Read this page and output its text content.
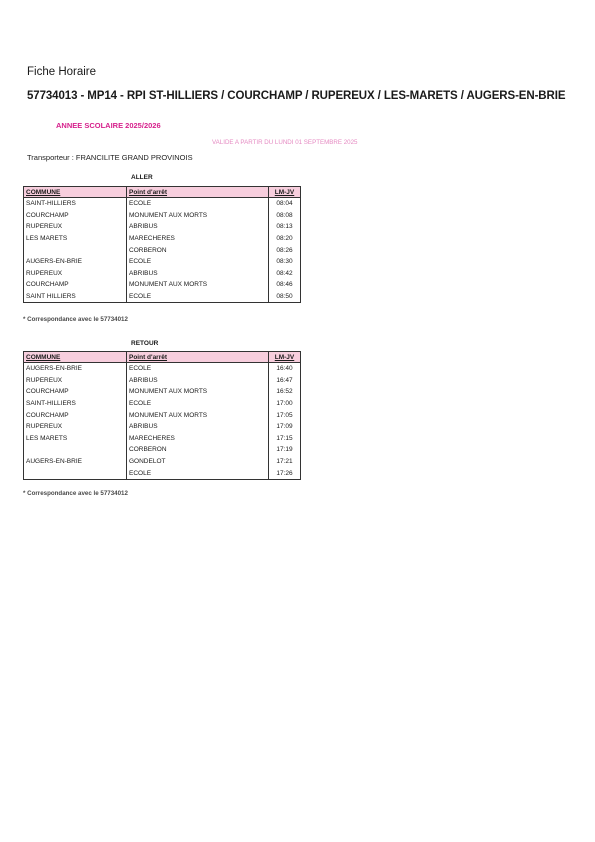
Fiche Horaire
57734013 - MP14 - RPI ST-HILLIERS / COURCHAMP / RUPEREUX / LES-MARETS / AUGERS-EN-BRIE
ANNEE SCOLAIRE 2025/2026
VALIDE A PARTIR DU LUNDI 01 SEPTEMBRE 2025
Transporteur : FRANCILITE GRAND PROVINOIS
ALLER
COMMUNE	Point d'arrêt	LM-JV
SAINT-HILLIERS	ECOLE	08:04
COURCHAMP	MONUMENT AUX MORTS	08:08
RUPEREUX	ABRIBUS	08:13
LES MARETS	MARECHERES	08:20
	CORBERON	08:26
AUGERS-EN-BRIE	ECOLE	08:30
RUPEREUX	ABRIBUS	08:42
COURCHAMP	MONUMENT AUX MORTS	08:46
SAINT HILLIERS	ECOLE	08:50
* Correspondance avec le 57734012
RETOUR
COMMUNE	Point d'arrêt	LM-JV
AUGERS-EN-BRIE	ECOLE	16:40
RUPEREUX	ABRIBUS	16:47
COURCHAMP	MONUMENT AUX MORTS	16:52
SAINT-HILLIERS	ECOLE	17:00
COURCHAMP	MONUMENT AUX MORTS	17:05
RUPEREUX	ABRIBUS	17:09
LES MARETS	MARECHERES	17:15
	CORBERON	17:19
AUGERS-EN-BRIE	GONDELOT	17:21
	ECOLE	17:26
* Correspondance avec le 57734012
